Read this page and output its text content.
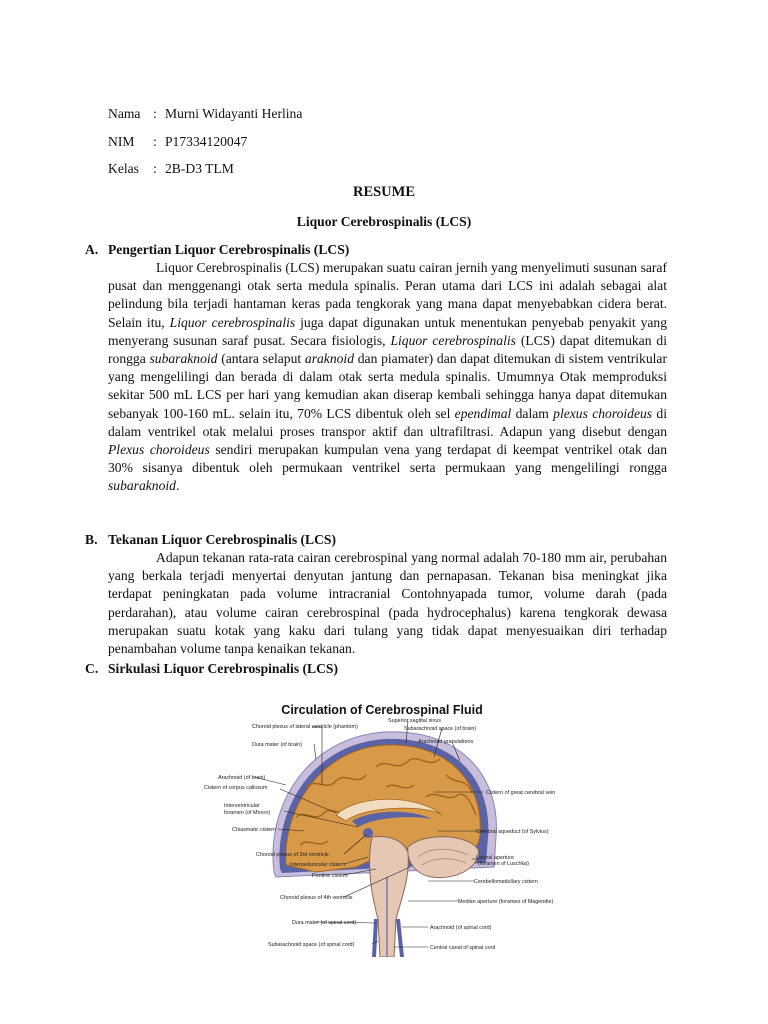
Nama : Murni Widayanti Herlina
NIM	: P17334120047
Kelas	: 2B-D3 TLM
RESUME
Liquor Cerebrospinalis (LCS)
A. Pengertian Liquor Cerebrospinalis (LCS)
Liquor Cerebrospinalis (LCS) merupakan suatu cairan jernih yang menyelimuti susunan saraf pusat dan menggenangi otak serta medula spinalis. Peran utama dari LCS ini adalah sebagai alat pelindung bila terjadi hantaman keras pada tengkorak yang mana dapat menyebabkan cidera berat. Selain itu, Liquor cerebrospinalis juga dapat digunakan untuk menentukan penyebab penyakit yang menyerang susunan saraf pusat. Secara fisiologis, Liquor cerebrospinalis (LCS) dapat ditemukan di rongga subaraknoid (antara selaput araknoid dan piamater) dan dapat ditemukan di sistem ventrikular yang mengelilingi dan berada di dalam otak serta medula spinalis. Umumnya Otak memproduksi sekitar 500 mL LCS per hari yang kemudian akan diserap kembali sehingga hanya dapat ditemukan sebanyak 100-160 mL. selain itu, 70% LCS dibentuk oleh sel ependimal dalam plexus choroideus di dalam ventrikel otak melalui proses transpor aktif dan ultrafiltrasi. Adapun yang disebut dengan Plexus choroideus sendiri merupakan kumpulan vena yang terdapat di keempat ventrikel otak dan 30% sisanya dibentuk oleh permukaan ventrikel serta permukaan yang mengelilingi rongga subaraknoid.
B. Tekanan Liquor Cerebrospinalis (LCS)
Adapun tekanan rata-rata cairan cerebrospinal yang normal adalah 70-180 mm air, perubahan yang berkala terjadi menyertai denyutan jantung dan pernapasan. Tekanan bisa meningkat jika terdapat peningkatan pada volume intracranial Contohnyapada tumor, volume darah (pada perdarahan), atau volume cairan cerebrospinal (pada hydrocephalus) karena tengkorak dewasa merupakan suatu kotak yang kaku dari tulang yang tidak dapat menyesuaikan diri terhadap penambahan volume tanpa kenaikan tekanan.
C. Sirkulasi Liquor Cerebrospinalis (LCS)
Circulation of Cerebrospinal Fluid
Choroid plexus of lateral ventricle (phantom)
Dura mater (of brain)
Arachnoid (of brain)
Cistern of corpus callosum
Interventricular
foramen (of Monro)
Chiasmatic cistern
Choroid plexus of 3rd ventricle
Interpeduncular cistern
Pontine cistern
Choroid plexus of 4th ventricle
Dura mater (of spinal cord)
Subarachnoid space (of spinal cord)
Superior sagittal sinus
Subarachnoid space (of brain)
Arachnoid granulations
Cistern of great cerebral vein
Cerebral aqueduct (of Sylvius)
Lateral aperture
(foramen of Luschka)
Cerebellomedullary cistern
Median aperture (foramen of Magendie)
Arachnoid (of spinal cord)
Central canal of spinal cord
